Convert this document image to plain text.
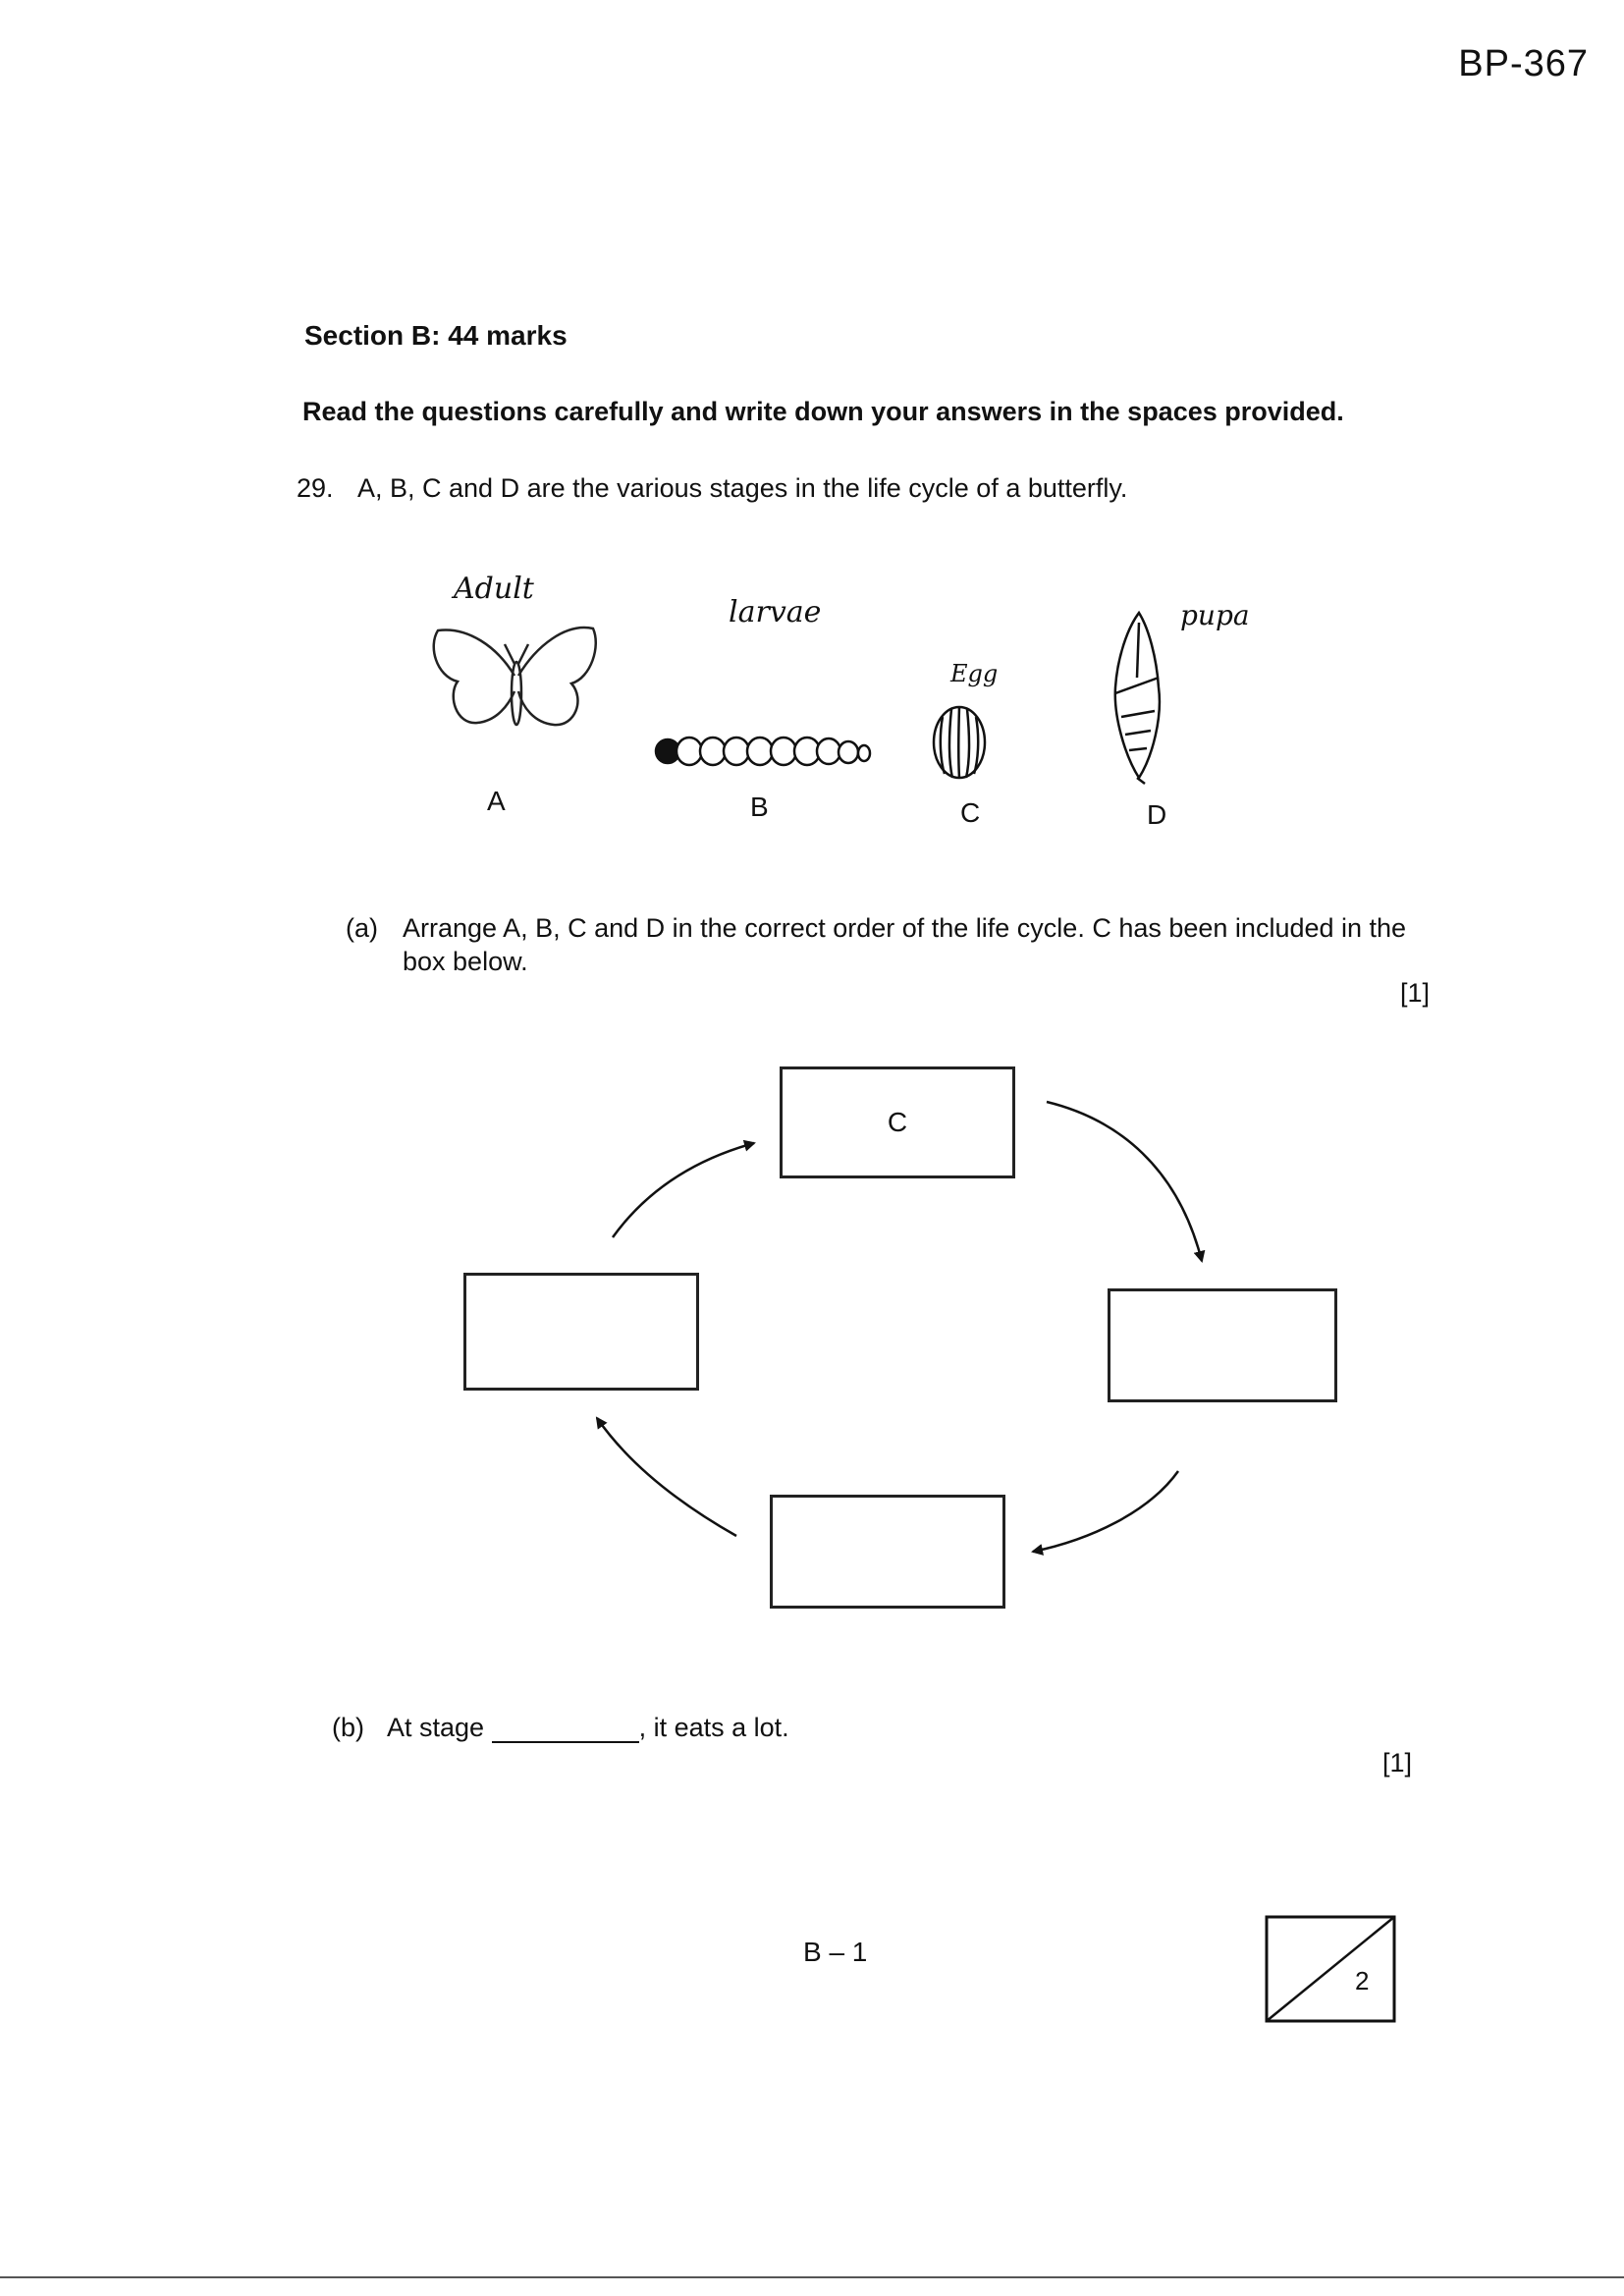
BP-367
Section B: 44 marks
Read the questions carefully and write down your answers in the spaces provided.
29. A, B, C and D are the various stages in the life cycle of a butterfly.
Adult
larvae
Egg
pupa
A	B	C	D
(a) Arrange A, B, C and D in the correct order of the life cycle. C has been included in the
box below.
[1]
C
(b) At stage	, it eats a lot.
[1]
B – 1
2
